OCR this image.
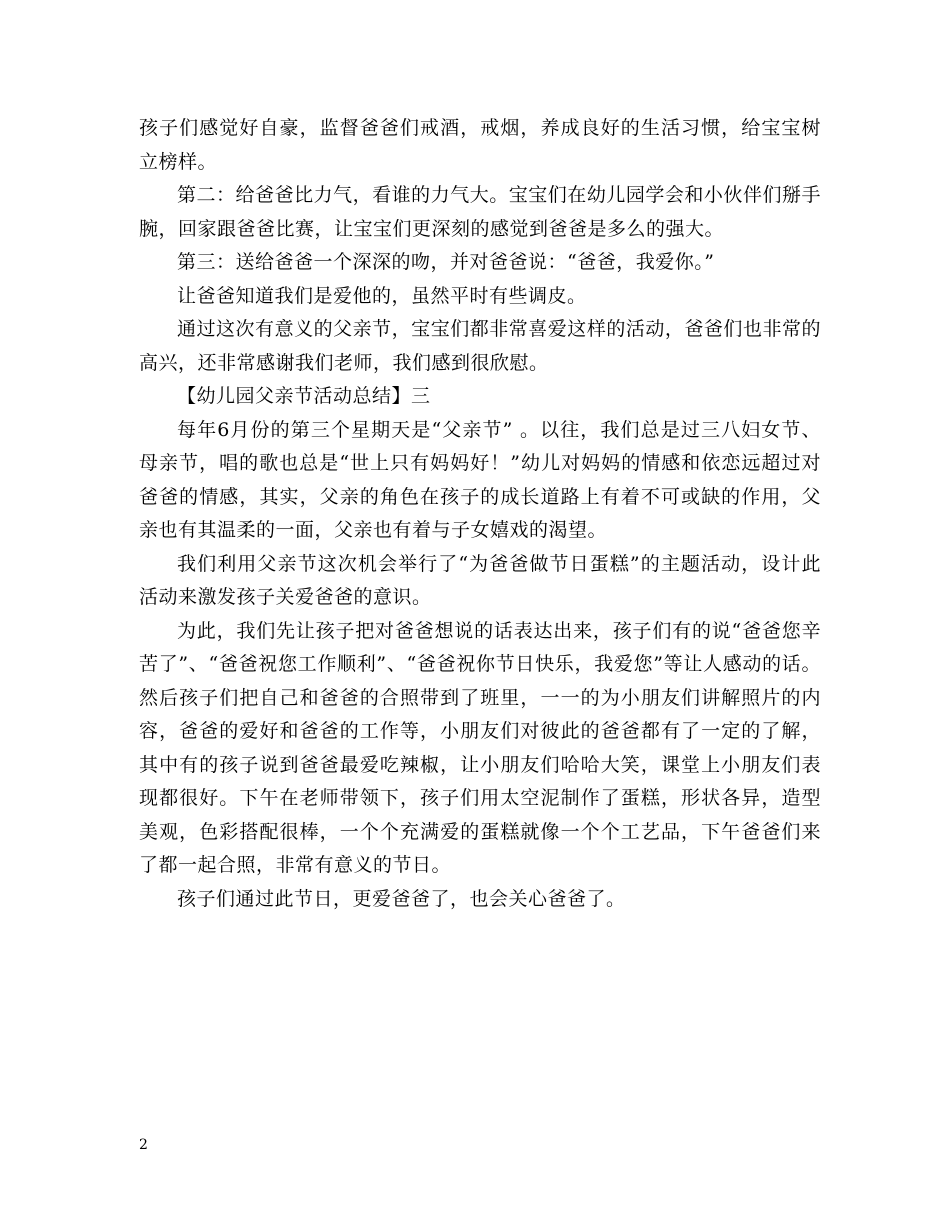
孩子们感觉好自豪，监督爸爸们戒酒，戒烟，养成良好的生活习惯，给宝宝树立榜样。

第二：给爸爸比力气，看谁的力气大。宝宝们在幼儿园学会和小伙伴们掰手腕，回家跟爸爸比赛，让宝宝们更深刻的感觉到爸爸是多么的强大。

第三：送给爸爸一个深深的吻，并对爸爸说：“爸爸，我爱你。”

让爸爸知道我们是爱他的，虽然平时有些调皮。

通过这次有意义的父亲节，宝宝们都非常喜爱这样的活动，爸爸们也非常的高兴，还非常感谢我们老师，我们感到很欣慰。

【幼儿园父亲节活动总结】三

每年6月份的第三个星期天是“父亲节” 。以往，我们总是过三八妇女节、母亲节，唱的歌也总是“世上只有妈妈好！”幼儿对妈妈的情感和依恋远超过对爸爸的情感，其实，父亲的角色在孩子的成长道路上有着不可或缺的作用，父亲也有其温柔的一面，父亲也有着与子女嬉戏的渴望。

我们利用父亲节这次机会举行了“为爸爸做节日蛋糕”的主题活动，设计此活动来激发孩子关爱爸爸的意识。

为此，我们先让孩子把对爸爸想说的话表达出来，孩子们有的说“爸爸您辛苦了”、“爸爸祝您工作顺利”、“爸爸祝你节日快乐，我爱您”等让人感动的话。然后孩子们把自己和爸爸的合照带到了班里，一一的为小朋友们讲解照片的内容，爸爸的爱好和爸爸的工作等，小朋友们对彼此的爸爸都有了一定的了解，其中有的孩子说到爸爸最爱吃辣椒，让小朋友们哈哈大笑，课堂上小朋友们表现都很好。下午在老师带领下，孩子们用太空泥制作了蛋糕，形状各异，造型美观，色彩搭配很棒，一个个充满爱的蛋糕就像一个个工艺品，下午爸爸们来了都一起合照，非常有意义的节日。

孩子们通过此节日，更爱爸爸了，也会关心爸爸了。

2
